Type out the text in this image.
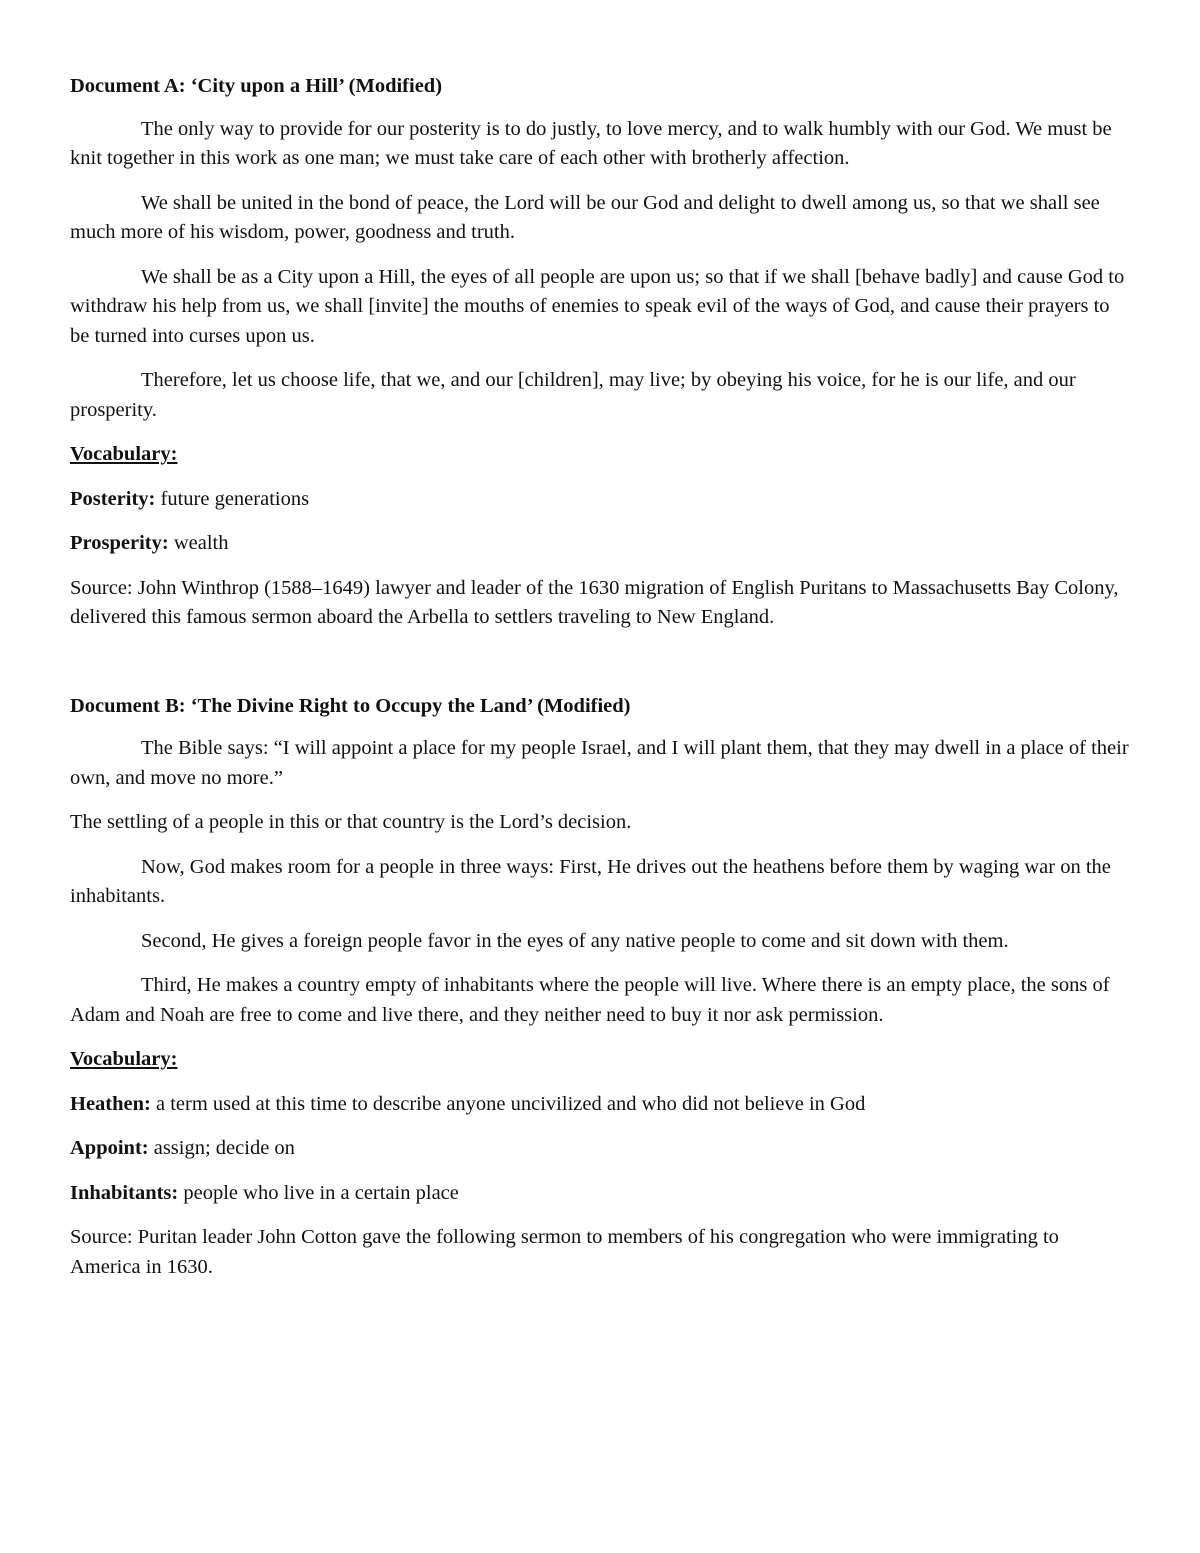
Document A: ‘City upon a Hill’ (Modified)

The only way to provide for our posterity is to do justly, to love mercy, and to walk humbly with our God. We must be knit together in this work as one man; we must take care of each other with brotherly affection.

We shall be united in the bond of peace, the Lord will be our God and delight to dwell among us, so that we shall see much more of his wisdom, power, goodness and truth.

We shall be as a City upon a Hill, the eyes of all people are upon us; so that if we shall [behave badly] and cause God to withdraw his help from us, we shall [invite] the mouths of enemies to speak evil of the ways of God, and cause their prayers to be turned into curses upon us.

Therefore, let us choose life, that we, and our [children], may live; by obeying his voice, for he is our life, and our prosperity.

Vocabulary:

Posterity: future generations

Prosperity: wealth

Source: John Winthrop (1588–1649) lawyer and leader of the 1630 migration of English Puritans to Massachusetts Bay Colony, delivered this famous sermon aboard the Arbella to settlers traveling to New England.

Document B: ‘The Divine Right to Occupy the Land’ (Modified)

The Bible says: “I will appoint a place for my people Israel, and I will plant them, that they may dwell in a place of their own, and move no more.”

The settling of a people in this or that country is the Lord’s decision.

Now, God makes room for a people in three ways: First, He drives out the heathens before them by waging war on the inhabitants.

Second, He gives a foreign people favor in the eyes of any native people to come and sit down with them.

Third, He makes a country empty of inhabitants where the people will live. Where there is an empty place, the sons of Adam and Noah are free to come and live there, and they neither need to buy it nor ask permission.

Vocabulary:

Heathen: a term used at this time to describe anyone uncivilized and who did not believe in God

Appoint: assign; decide on

Inhabitants: people who live in a certain place

Source: Puritan leader John Cotton gave the following sermon to members of his congregation who were immigrating to America in 1630.
